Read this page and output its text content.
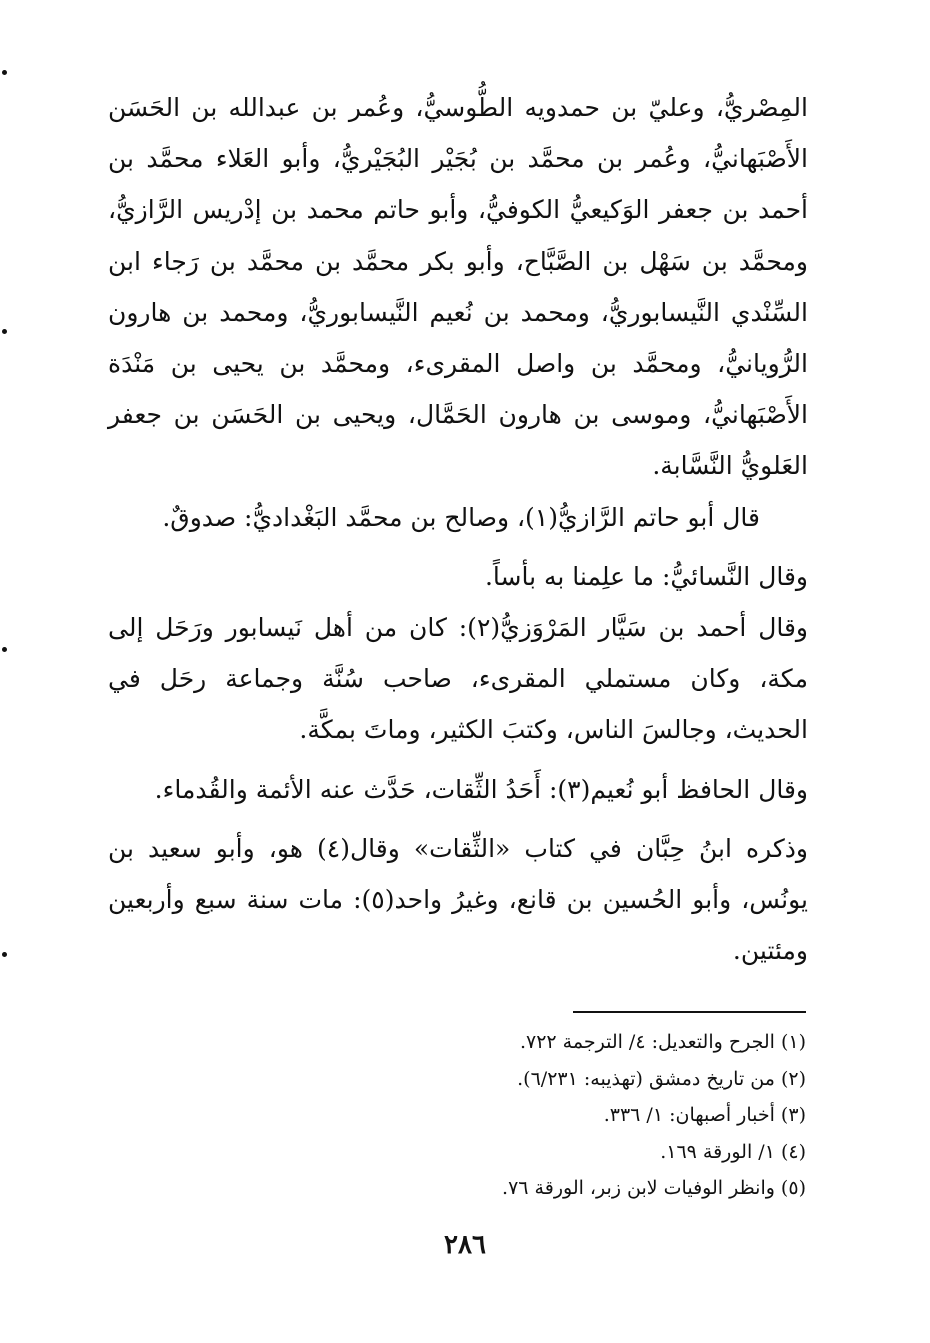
المِصْريُّ، وعليّ بن حمدويه الطُّوسيُّ، وعُمر بن عبدالله بن الحَسَن الأَصْبَهانيُّ، وعُمر بن محمَّد بن بُجَيْر البُجَيْريُّ، وأبو العَلاء محمَّد بن أحمد بن جعفر الوَكيعيُّ الكوفيُّ، وأبو حاتم محمد بن إدْريس الرَّازيُّ، ومحمَّد بن سَهْل بن الصَّبَّاح، وأبو بكر محمَّد بن محمَّد بن رَجاء ابن السِّنْدي النَّيسابوريُّ، ومحمد بن نُعيم النَّيسابوريُّ، ومحمد بن هارون الرُّويانيُّ، ومحمَّد بن واصل المقرىء، ومحمَّد بن يحيى بن مَنْدَة الأَصْبَهانيُّ، وموسى بن هارون الحَمَّال، ويحيى بن الحَسَن بن جعفر العَلويُّ النَّسَّابة.

قال أبو حاتم الرَّازيُّ(١)، وصالح بن محمَّد البَغْداديُّ: صدوقٌ.

وقال النَّسائيُّ: ما علِمنا به بأساً.

وقال أحمد بن سَيَّار المَرْوَزيُّ(٢): كان من أهل نَيسابور ورَحَل إلى مكة، وكان مستملي المقرىء، صاحب سُنَّة وجماعة رحَل في الحديث، وجالسَ الناس، وكتبَ الكثير، وماتَ بمكَّة.

وقال الحافظ أبو نُعيم(٣): أَحَدُ الثِّقات، حَدَّث عنه الأئمة والقُدماء.

وذكره ابنُ حِبَّان في كتاب «الثِّقات» وقال(٤) هو، وأبو سعيد بن يونُس، وأبو الحُسين بن قانع، وغيرُ واحد(٥): مات سنة سبع وأربعين ومئتين.

(١) الجرح والتعديل: ٤/ الترجمة ٧٢٢.

(٢) من تاريخ دمشق (تهذيبه: ٦/٢٣١).

(٣) أخبار أصبهان: ١/ ٣٣٦.

(٤) ١/ الورقة ١٦٩.

(٥) وانظر الوفيات لابن زبر، الورقة ٧٦.

٢٨٦
